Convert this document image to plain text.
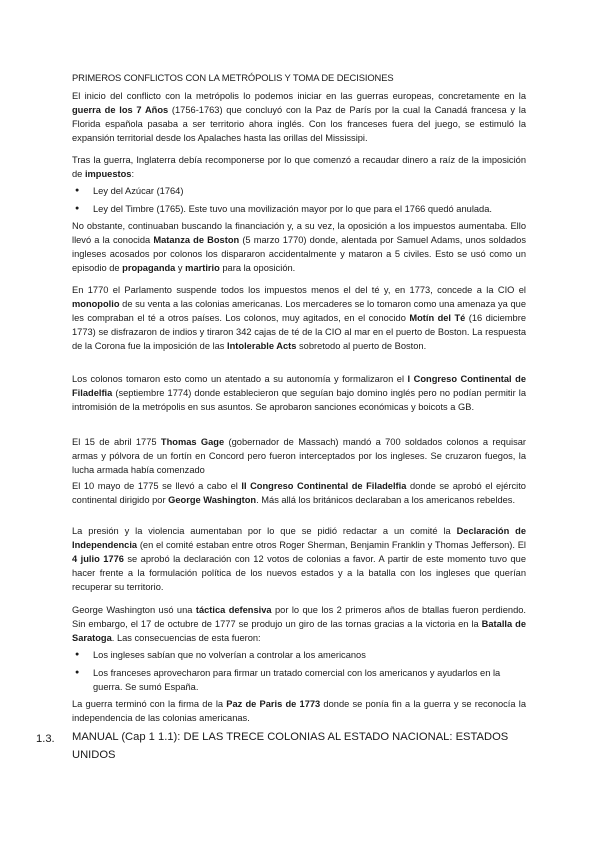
PRIMEROS CONFLICTOS CON LA METRÓPOLIS Y TOMA DE DECISIONES

El inicio del conflicto con la metrópolis lo podemos iniciar en las guerras europeas, concretamente en la guerra de los 7 Años (1756-1763) que concluyó con la Paz de París por la cual la Canadá francesa y la Florida española pasaba a ser territorio ahora inglés. Con los franceses fuera del juego, se estimuló la expansión territorial desde los Apalaches hasta las orillas del Mississipi.

Tras la guerra, Inglaterra debía recomponerse por lo que comenzó a recaudar dinero a raíz de la imposición de impuestos:

● Ley del Azúcar (1764)
● Ley del Timbre (1765). Este tuvo una movilización mayor por lo que para el 1766 quedó anulada.

No obstante, continuaban buscando la financiación y, a su vez, la oposición a los impuestos aumentaba. Ello llevó a la conocida Matanza de Boston (5 marzo 1770) donde, alentada por Samuel Adams, unos soldados ingleses acosados por colonos los dispararon accidentalmente y mataron a 5 civiles. Esto se usó como un episodio de propaganda y martirio para la oposición.

En 1770 el Parlamento suspende todos los impuestos menos el del té y, en 1773, concede a la CIO el monopolio de su venta a las colonias americanas. Los mercaderes se lo tomaron como una amenaza ya que les compraban el té a otros países. Los colonos, muy agitados, en el conocido Motín del Té (16 diciembre 1773) se disfrazaron de indios y tiraron 342 cajas de té de la CIO al mar en el puerto de Boston. La respuesta de la Corona fue la imposición de las Intolerable Acts sobretodo al puerto de Boston.

Los colonos tomaron esto como un atentado a su autonomía y formalizaron el I Congreso Continental de Filadelfia (septiembre 1774) donde establecieron que seguían bajo domino inglés pero no podían permitir la intromisión de la metrópolis en sus asuntos. Se aprobaron sanciones económicas y boicots a GB.

El 15 de abril 1775 Thomas Gage (gobernador de Massach) mandó a 700 soldados colonos a requisar armas y pólvora de un fortín en Concord pero fueron interceptados por los ingleses. Se cruzaron fuegos, la lucha armada había comenzado

El 10 mayo de 1775 se llevó a cabo el II Congreso Continental de Filadelfia donde se aprobó el ejército continental dirigido por George Washington. Más allá los británicos declaraban a los americanos rebeldes.

La presión y la violencia aumentaban por lo que se pidió redactar a un comité la Declaración de Independencia (en el comité estaban entre otros Roger Sherman, Benjamin Franklin y Thomas Jefferson). El 4 julio 1776 se aprobó la declaración con 12 votos de colonias a favor. A partir de este momento tuvo que hacer frente a la formulación política de los nuevos estados y a la batalla con los ingleses que querían recuperar su territorio.

George Washington usó una táctica defensiva por lo que los 2 primeros años de btallas fueron perdiendo. Sin embargo, el 17 de octubre de 1777 se produjo un giro de las tornas gracias a la victoria en la Batalla de Saratoga. Las consecuencias de esta fueron:

● Los ingleses sabían que no volverían a controlar a los americanos
● Los franceses aprovecharon para firmar un tratado comercial con los americanos y ayudarlos en la guerra. Se sumó España.

La guerra terminó con la firma de la Paz de Paris de 1773 donde se ponía fin a la guerra y se reconocía la independencia de las colonias americanas.

1.3. MANUAL (Cap 1 1.1): DE LAS TRECE COLONIAS AL ESTADO NACIONAL: ESTADOS UNIDOS
